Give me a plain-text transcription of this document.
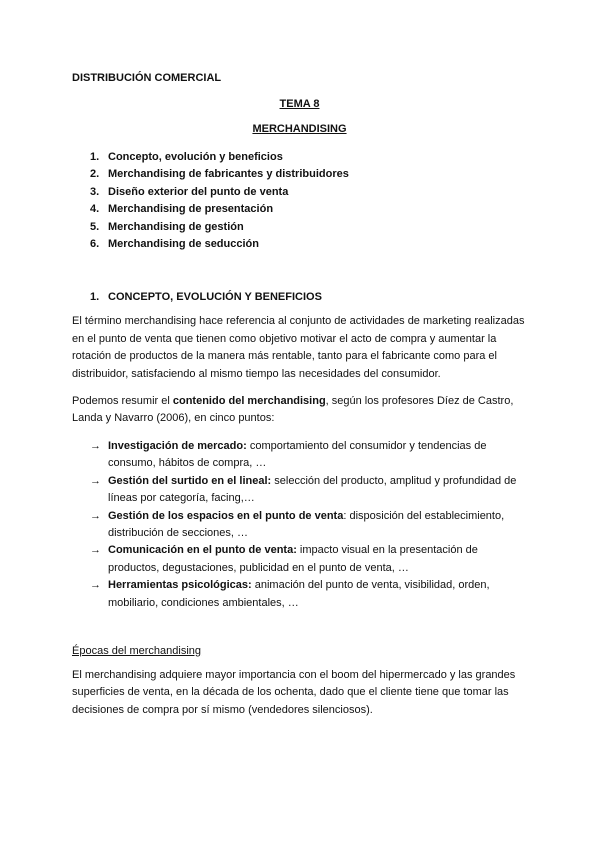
DISTRIBUCIÓN COMERCIAL
TEMA 8
MERCHANDISING
1. Concepto, evolución y beneficios
2. Merchandising de fabricantes y distribuidores
3. Diseño exterior del punto de venta
4. Merchandising de presentación
5. Merchandising de gestión
6. Merchandising de seducción
1. CONCEPTO, EVOLUCIÓN Y BENEFICIOS

El término merchandising hace referencia al conjunto de actividades de marketing realizadas en el punto de venta que tienen como objetivo motivar el acto de compra y aumentar la rotación de productos de la manera más rentable, tanto para el fabricante como para el distribuidor, satisfaciendo al mismo tiempo las necesidades del consumidor.

Podemos resumir el contenido del merchandising, según los profesores Díez de Castro, Landa y Navarro (2006), en cinco puntos:

→ Investigación de mercado: comportamiento del consumidor y tendencias de consumo, hábitos de compra, …
→ Gestión del surtido en el lineal: selección del producto, amplitud y profundidad de líneas por categoría, facing,…
→ Gestión de los espacios en el punto de venta: disposición del establecimiento, distribución de secciones, …
→ Comunicación en el punto de venta: impacto visual en la presentación de productos, degustaciones, publicidad en el punto de venta, …
→ Herramientas psicológicas: animación del punto de venta, visibilidad, orden, mobiliario, condiciones ambientales, …
Épocas del merchandising

El merchandising adquiere mayor importancia con el boom del hipermercado y las grandes superficies de venta, en la década de los ochenta, dado que el cliente tiene que tomar las decisiones de compra por sí mismo (vendedores silenciosos).
